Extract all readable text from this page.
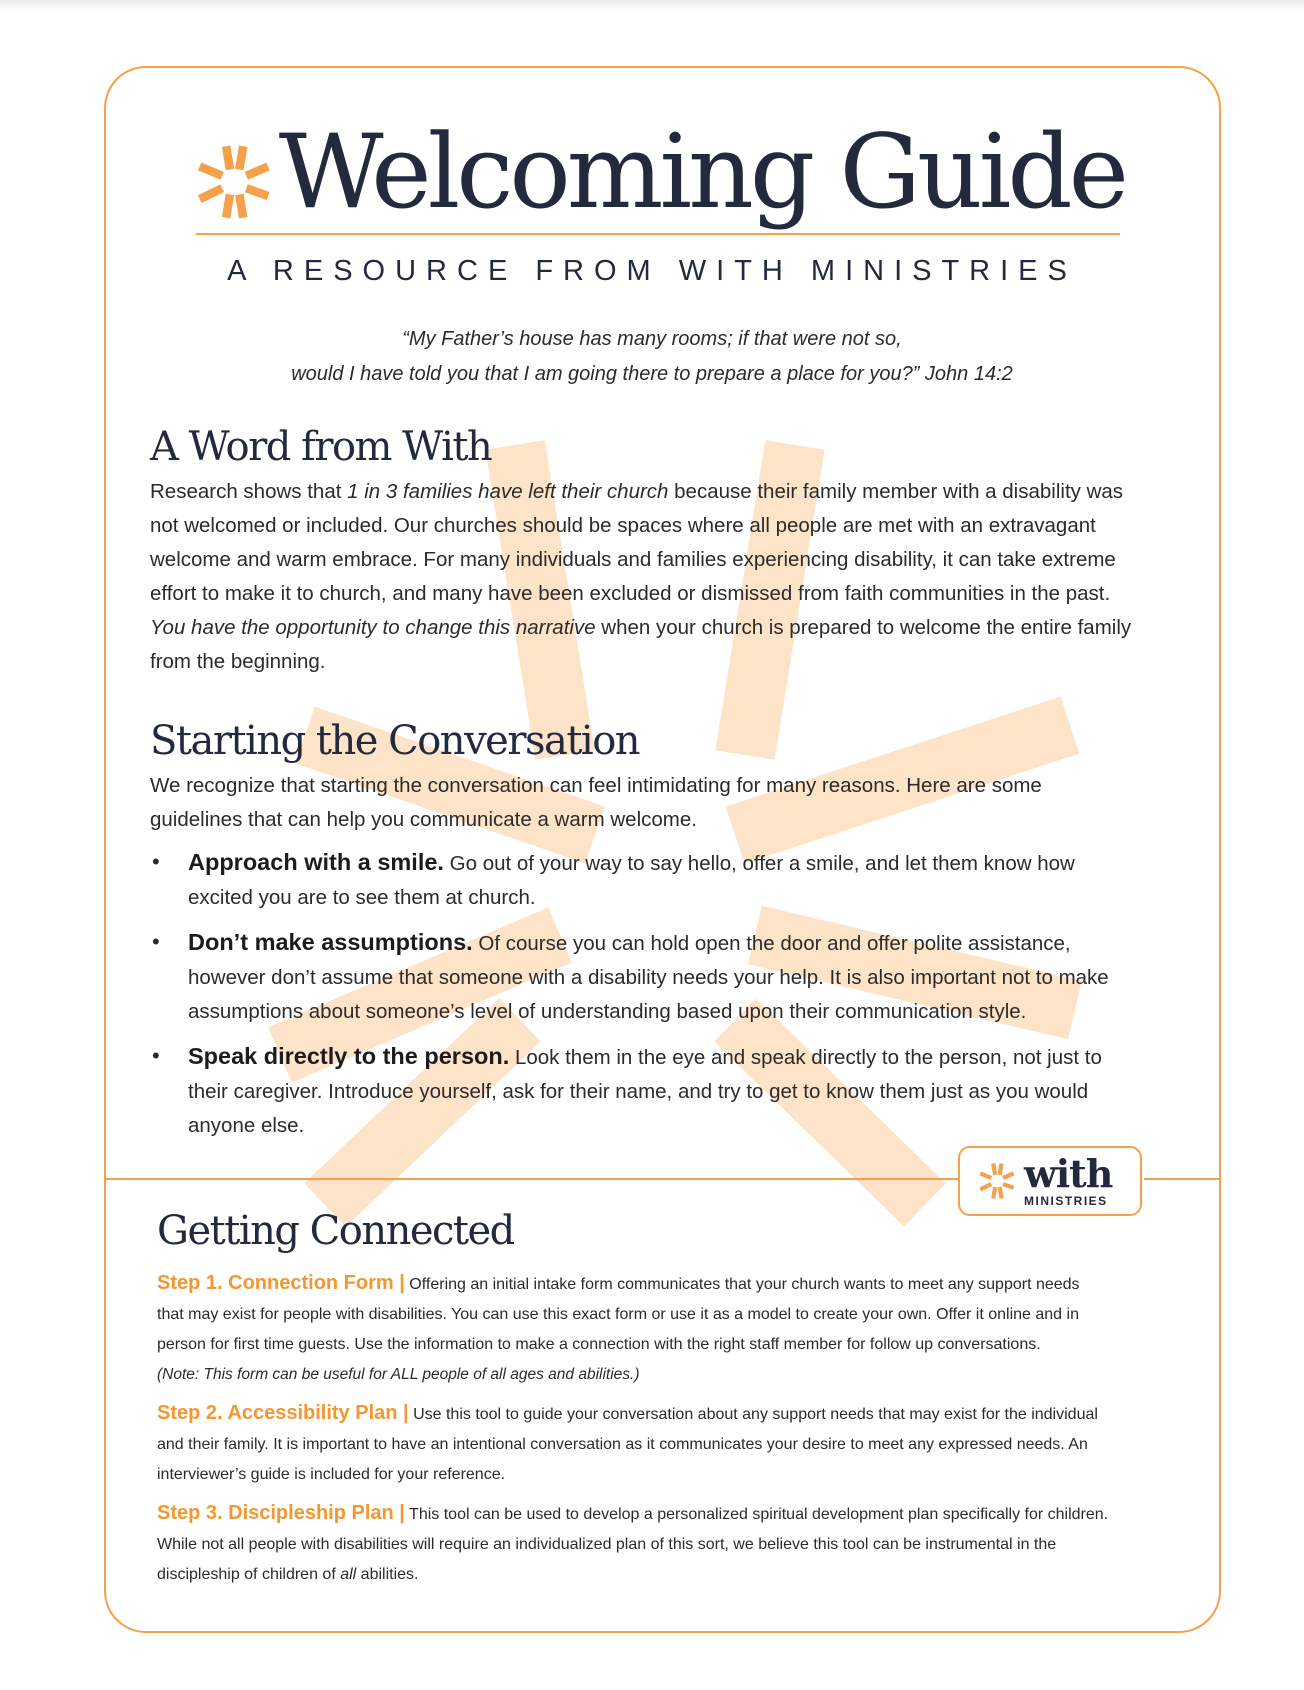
Welcoming Guide
A RESOURCE FROM WITH MINISTRIES
“My Father’s house has many rooms; if that were not so,
would I have told you that I am going there to prepare a place for you?” John 14:2
A Word from With
Research shows that 1 in 3 families have left their church because their family member with a disability was
not welcomed or included. Our churches should be spaces where all people are met with an extravagant
welcome and warm embrace. For many individuals and families experiencing disability, it can take extreme
effort to make it to church, and many have been excluded or dismissed from faith communities in the past.
You have the opportunity to change this narrative when your church is prepared to welcome the entire family
from the beginning.
Starting the Conversation
We recognize that starting the conversation can feel intimidating for many reasons. Here are some
guidelines that can help you communicate a warm welcome.
• Approach with a smile. Go out of your way to say hello, offer a smile, and let them know how
excited you are to see them at church.
• Don’t make assumptions. Of course you can hold open the door and offer polite assistance,
however don’t assume that someone with a disability needs your help. It is also important not to make
assumptions about someone’s level of understanding based upon their communication style.
• Speak directly to the person. Look them in the eye and speak directly to the person, not just to
their caregiver. Introduce yourself, ask for their name, and try to get to know them just as you would
anyone else.
with
MINISTRIES
Getting Connected
Step 1. Connection Form | Offering an initial intake form communicates that your church wants to meet any support needs
that may exist for people with disabilities. You can use this exact form or use it as a model to create your own. Offer it online and in
person for first time guests. Use the information to make a connection with the right staff member for follow up conversations.
(Note: This form can be useful for ALL people of all ages and abilities.)
Step 2. Accessibility Plan | Use this tool to guide your conversation about any support needs that may exist for the individual
and their family. It is important to have an intentional conversation as it communicates your desire to meet any expressed needs. An
interviewer’s guide is included for your reference.
Step 3. Discipleship Plan | This tool can be used to develop a personalized spiritual development plan specifically for children.
While not all people with disabilities will require an individualized plan of this sort, we believe this tool can be instrumental in the
discipleship of children of all abilities.
